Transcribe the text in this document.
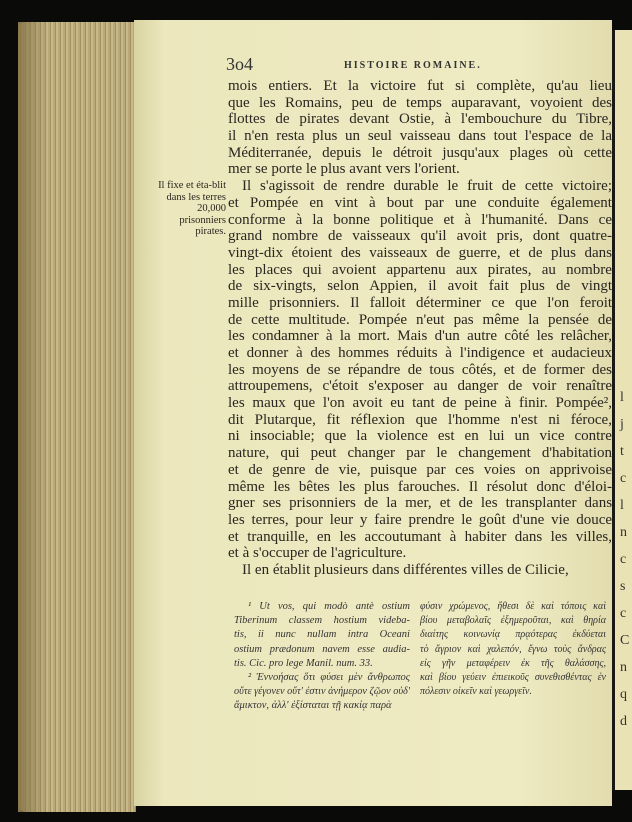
l
j
t
c
l
n
c
s
c
C
n
q
d
3o4	HISTOIRE ROMAINE.
Il fixe et éta-blit dans les terres 20,000 prisonniers pirates.
mois entiers. Et la victoire fut si complète, qu'au lieu
que les Romains, peu de temps auparavant, voyoient des
flottes de pirates devant Ostie, à l'embouchure du Tibre,
il n'en resta plus un seul vaisseau dans tout l'espace de la
Méditerranée, depuis le détroit jusqu'aux plages où cette
mer se porte le plus avant vers l'orient.
Il s'agissoit de rendre durable le fruit de cette victoire;
et Pompée en vint à bout par une conduite également
conforme à la bonne politique et à l'humanité. Dans ce
grand nombre de vaisseaux qu'il avoit pris, dont quatre-
vingt-dix étoient des vaisseaux de guerre, et de plus dans
les places qui avoient appartenu aux pirates, au nombre
de six-vingts, selon Appien, il avoit fait plus de vingt
mille prisonniers. Il falloit déterminer ce que l'on feroit
de cette multitude. Pompée n'eut pas même la pensée de
les condamner à la mort. Mais d'un autre côté les relâcher,
et donner à des hommes réduits à l'indigence et audacieux
les moyens de se répandre de tous côtés, et de former des
attroupemens, c'étoit s'exposer au danger de voir renaître
les maux que l'on avoit eu tant de peine à finir. Pompée²,
dit Plutarque, fit réflexion que l'homme n'est ni féroce,
ni insociable; que la violence est en lui un vice contre
nature, qui peut changer par le changement d'habitation
et de genre de vie, puisque par ces voies on apprivoise
même les bêtes les plus farouches. Il résolut donc d'éloi-
gner ses prisonniers de la mer, et de les transplanter dans
les terres, pour leur y faire prendre le goût d'une vie douce
et tranquille, en les accoutumant à habiter dans les villes,
et à s'occuper de l'agriculture.
Il en établit plusieurs dans différentes villes de Cilicie,
¹ Ut vos, qui modò antè ostium
Tiberinum classem hostium videba-
tis, ii nunc nullam intra Oceani
ostium prædonum navem esse audia-
tis. Cic. pro lege Manil. num. 33.
² Ἐννοήσας ὅτι φύσει μὲν ἄνθρωπος
οὔτε γέγονεν οὔτ' ἐστιν ἀνήμερον ζῷον οὐδ'
ἄμικτον, ἀλλ' ἐξίσταται τῇ κακίᾳ παρὰ
φύσιν χρώμενος, ἤθεσι δὲ καὶ τόποις καὶ
βίου μεταβολαῖς ἐξημεροῦται, καὶ θηρία
διαίτης κοινωνίᾳ πρᾳότερας ἐκδύεται
τὸ ἄγριον καὶ χαλεπόν, ἔγνω τοὺς ἄνδρας
εἰς γῆν μεταφέρειν ἐκ τῆς θαλάσσης,
καὶ βίου γεύειν ἐπιεικοῦς συνεθισθέντας ἐν
πόλεσιν οἰκεῖν καὶ γεωργεῖν.
